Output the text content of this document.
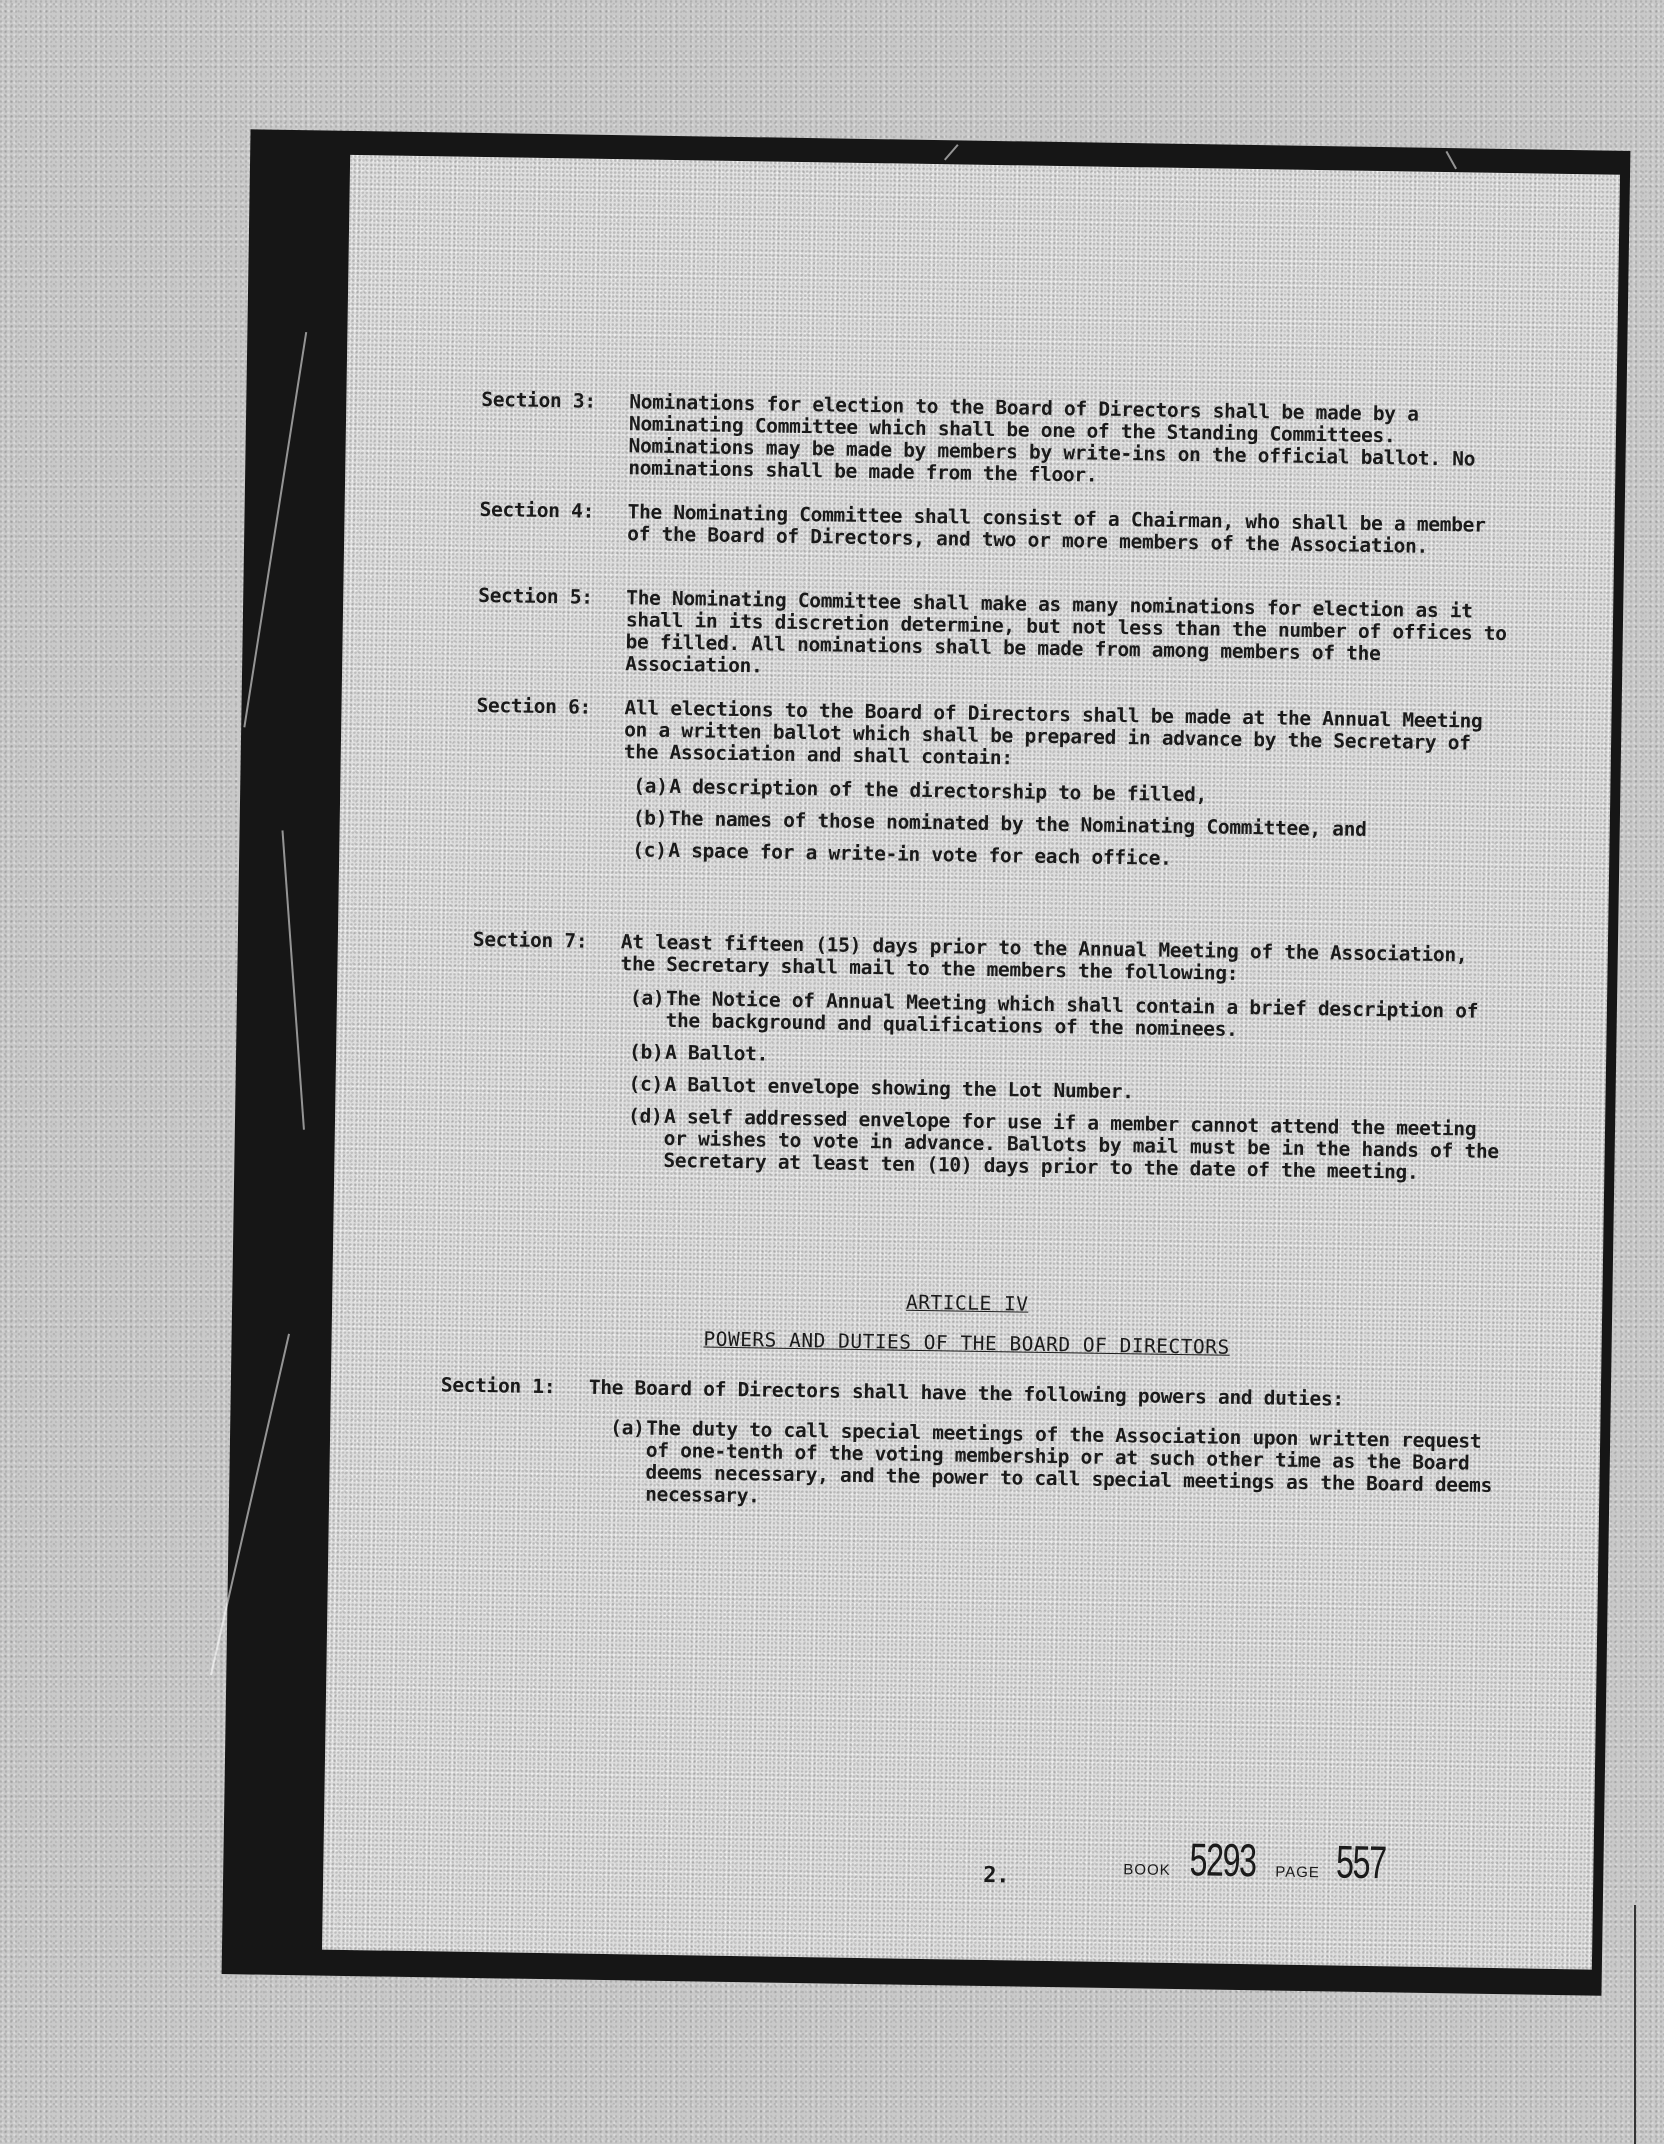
Section 3:	Nominations for election to the Board of Directors shall be made by a Nominating Committee which shall be one of the Standing Committees. Nominations may be made by members by write-ins on the official ballot. No nominations shall be made from the floor.
Section 4:	The Nominating Committee shall consist of a Chairman, who shall be a member of the Board of Directors, and two or more members of the Association.
Section 5:	The Nominating Committee shall make as many nominations for election as it shall in its discretion determine, but not less than the number of offices to be filled. All nominations shall be made from among members of the Association.
Section 6:	All elections to the Board of Directors shall be made at the Annual Meeting on a written ballot which shall be prepared in advance by the Secretary of the Association and shall contain:
(a) A description of the directorship to be filled,
(b) The names of those nominated by the Nominating Committee, and
(c) A space for a write-in vote for each office.
Section 7:	At least fifteen (15) days prior to the Annual Meeting of the Association, the Secretary shall mail to the members the following:
(a) The Notice of Annual Meeting which shall contain a brief description of the background and qualifications of the nominees.
(b) A Ballot.
(c) A Ballot envelope showing the Lot Number.
(d) A self addressed envelope for use if a member cannot attend the meeting or wishes to vote in advance. Ballots by mail must be in the hands of the Secretary at least ten (10) days prior to the date of the meeting.
ARTICLE IV
POWERS AND DUTIES OF THE BOARD OF DIRECTORS
Section 1:	The Board of Directors shall have the following powers and duties:
(a) The duty to call special meetings of the Association upon written request of one-tenth of the voting membership or at such other time as the Board deems necessary, and the power to call special meetings as the Board deems necessary.
2.	BOOK 5293 PAGE 557
